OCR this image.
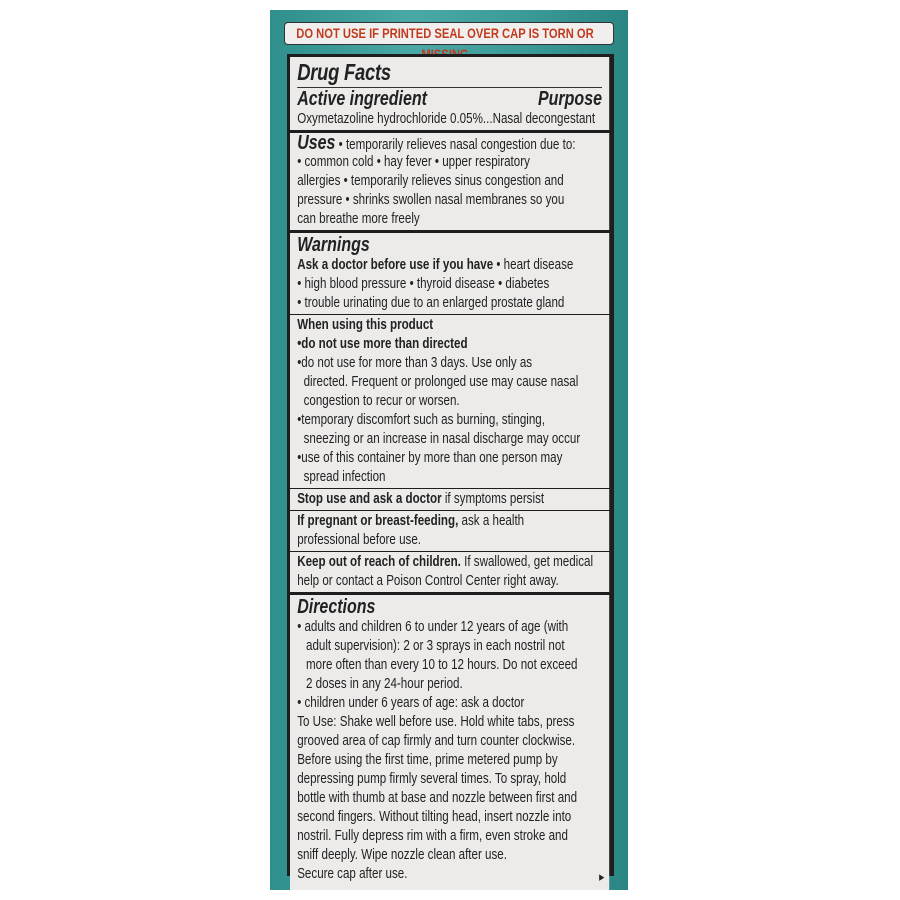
DO NOT USE IF PRINTED SEAL OVER CAP IS TORN OR
Drug Facts
Active ingredient	Purpose
Oxymetazoline hydrochloride 0.05%...Nasal decongestant
Uses • temporarily relieves nasal congestion due to:
• common cold • hay fever • upper respiratory
allergies • temporarily relieves sinus congestion and
pressure • shrinks swollen nasal membranes so you
can breathe more freely
Warnings
Ask a doctor before use if you have • heart disease
• high blood pressure • thyroid disease • diabetes
• trouble urinating due to an enlarged prostate gland
When using this product
•do not use more than directed
•do not use for more than 3 days. Use only as
directed. Frequent or prolonged use may cause nasal
congestion to recur or worsen.
•temporary discomfort such as burning, stinging,
sneezing or an increase in nasal discharge may occur
•use of this container by more than one person may
spread infection
Stop use and ask a doctor if symptoms persist
If pregnant or breast-feeding, ask a health
professional before use.
Keep out of reach of children. If swallowed, get medical
help or contact a Poison Control Center right away.
Directions
• adults and children 6 to under 12 years of age (with
adult supervision): 2 or 3 sprays in each nostril not
more often than every 10 to 12 hours. Do not exceed
2 doses in any 24-hour period.
• children under 6 years of age: ask a doctor
To Use: Shake well before use. Hold white tabs, press
grooved area of cap firmly and turn counter clockwise.
Before using the first time, prime metered pump by
depressing pump firmly several times. To spray, hold
bottle with thumb at base and nozzle between first and
second fingers. Without tilting head, insert nozzle into
nostril. Fully depress rim with a firm, even stroke and
sniff deeply. Wipe nozzle clean after use.
Secure cap after use.	▸
